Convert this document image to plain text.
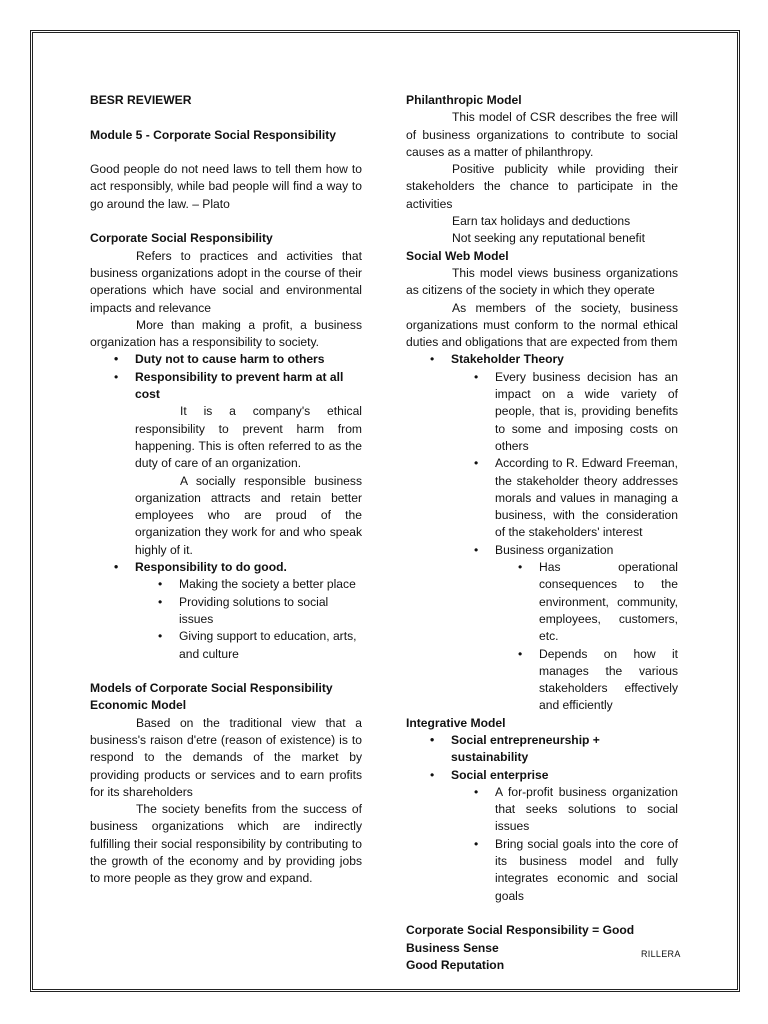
BESR REVIEWER

Module 5 - Corporate Social Responsibility

Good people do not need laws to tell them how to act responsibly, while bad people will find a way to go around the law. – Plato

Corporate Social Responsibility

Refers to practices and activities that business organizations adopt in the course of their operations which have social and environmental impacts and relevance

More than making a profit, a business organization has a responsibility to society.

• Duty not to cause harm to others
• Responsibility to prevent harm at all cost

It is a company's ethical responsibility to prevent harm from happening. This is often referred to as the duty of care of an organization.

A socially responsible business organization attracts and retain better employees who are proud of the organization they work for and who speak highly of it.

• Responsibility to do good.
• Making the society a better place
• Providing solutions to social issues
• Giving support to education, arts, and culture

Models of Corporate Social Responsibility

Economic Model

Based on the traditional view that a business's raison d'etre (reason of existence) is to respond to the demands of the market by providing products or services and to earn profits for its shareholders

The society benefits from the success of business organizations which are indirectly fulfilling their social responsibility by contributing to the growth of the economy and by providing jobs to more people as they grow and expand.

Philanthropic Model

This model of CSR describes the free will of business organizations to contribute to social causes as a matter of philanthropy.

Positive publicity while providing their stakeholders the chance to participate in the activities

Earn tax holidays and deductions

Not seeking any reputational benefit

Social Web Model

This model views business organizations as citizens of the society in which they operate

As members of the society, business organizations must conform to the normal ethical duties and obligations that are expected from them

• Stakeholder Theory
• Every business decision has an impact on a wide variety of people, that is, providing benefits to some and imposing costs on others
• According to R. Edward Freeman, the stakeholder theory addresses morals and values in managing a business, with the consideration of the stakeholders' interest
• Business organization
• Has operational consequences to the environment, community, employees, customers, etc.
• Depends on how it manages the various stakeholders effectively and efficiently

Integrative Model

• Social entrepreneurship + sustainability
• Social enterprise
• A for-profit business organization that seeks solutions to social issues
• Bring social goals into the core of its business model and fully integrates economic and social goals

Corporate Social Responsibility = Good Business Sense

Good Reputation

RILLERA
